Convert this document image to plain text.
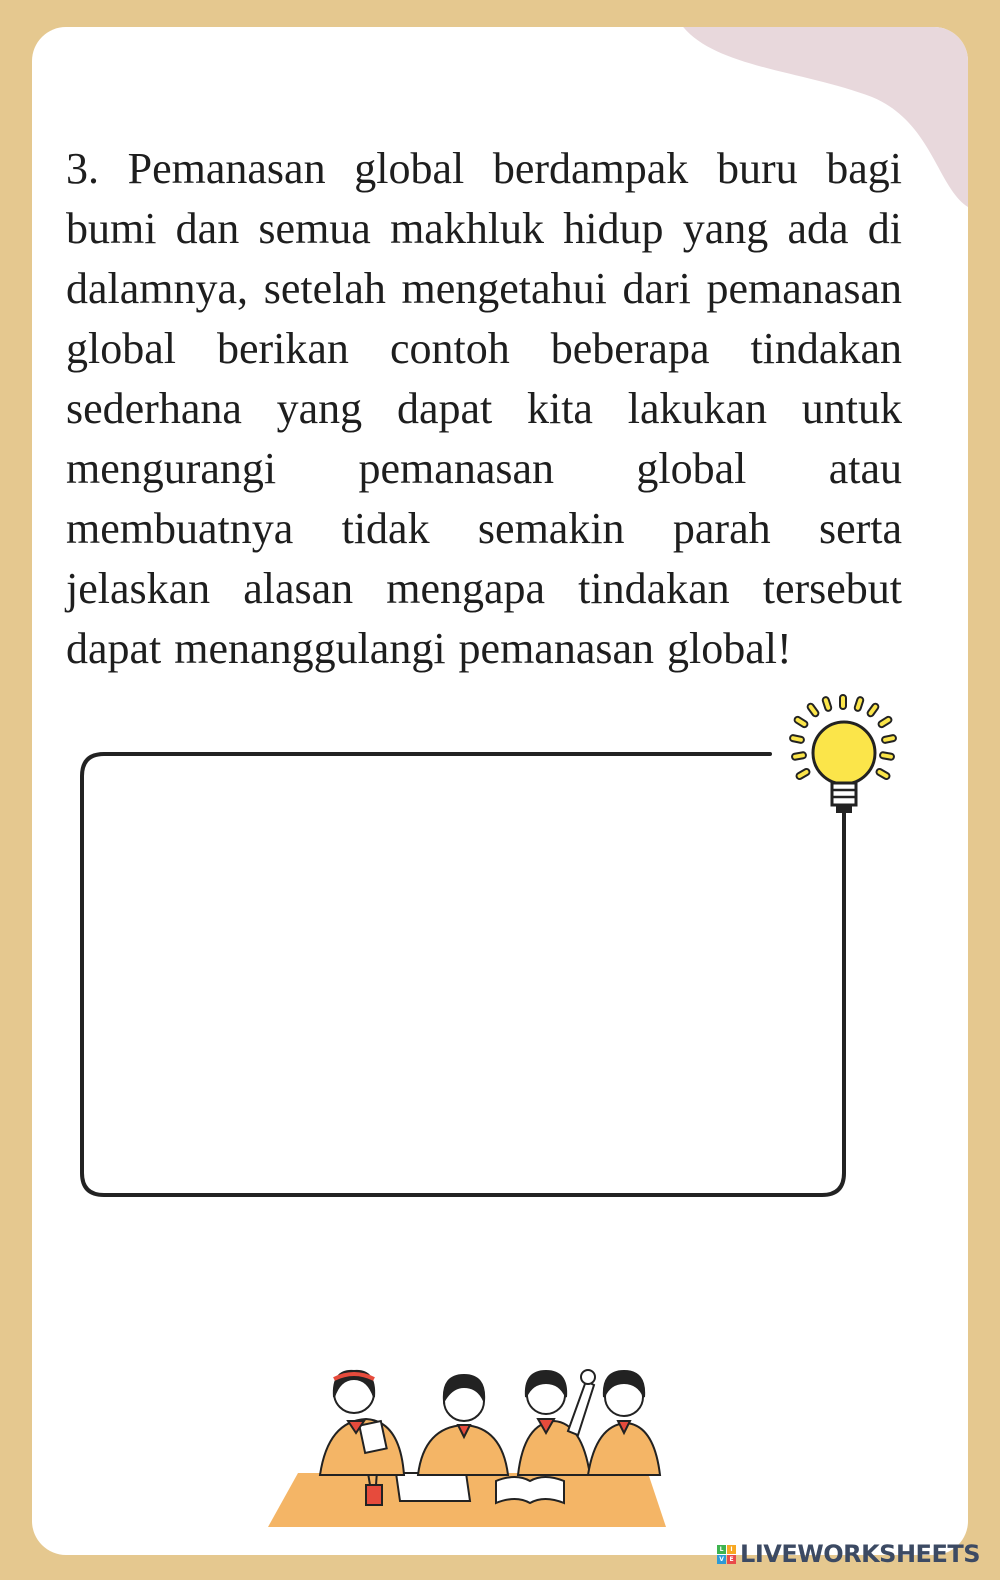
3. Pemanasan global berdampak buru bagi bumi dan semua makhluk hidup yang ada di dalamnya, setelah mengetahui dari pemanasan global berikan contoh beberapa tindakan sederhana yang dapat kita lakukan untuk mengurangi pemanasan global atau membuatnya tidak semakin parah serta jelaskan alasan mengapa tindakan tersebut dapat menanggulangi pemanasan global!

L	I
V E LIVEWORKSHEETS
